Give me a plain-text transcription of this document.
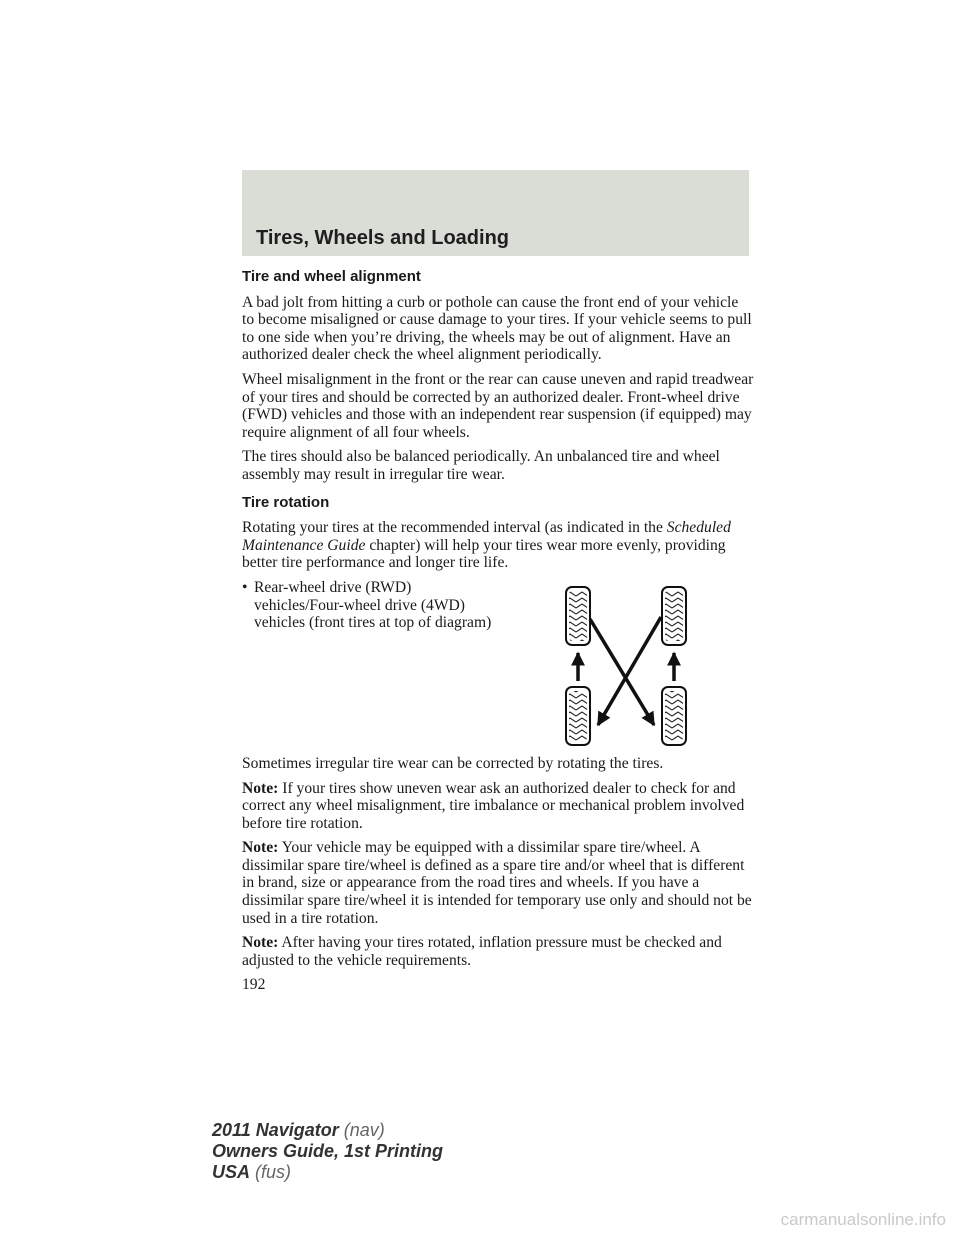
Tires, Wheels and Loading
Tire and wheel alignment

A bad jolt from hitting a curb or pothole can cause the front end of your vehicle to become misaligned or cause damage to your tires. If your vehicle seems to pull to one side when you’re driving, the wheels may be out of alignment. Have an authorized dealer check the wheel alignment periodically.

Wheel misalignment in the front or the rear can cause uneven and rapid treadwear of your tires and should be corrected by an authorized dealer. Front-wheel drive (FWD) vehicles and those with an independent rear suspension (if equipped) may require alignment of all four wheels.

The tires should also be balanced periodically. An unbalanced tire and wheel assembly may result in irregular tire wear.

Tire rotation

Rotating your tires at the recommended interval (as indicated in the Scheduled Maintenance Guide chapter) will help your tires wear more evenly, providing better tire performance and longer tire life.

• Rear-wheel drive (RWD) vehicles/Four-wheel drive (4WD) vehicles (front tires at top of diagram)

Sometimes irregular tire wear can be corrected by rotating the tires.

Note: If your tires show uneven wear ask an authorized dealer to check for and correct any wheel misalignment, tire imbalance or mechanical problem involved before tire rotation.

Note: Your vehicle may be equipped with a dissimilar spare tire/wheel. A dissimilar spare tire/wheel is defined as a spare tire and/or wheel that is different in brand, size or appearance from the road tires and wheels. If you have a dissimilar spare tire/wheel it is intended for temporary use only and should not be used in a tire rotation.

Note: After having your tires rotated, inflation pressure must be checked and adjusted to the vehicle requirements.

192
2011 Navigator (nav)
Owners Guide, 1st Printing
USA (fus)
carmanualsonline.info
